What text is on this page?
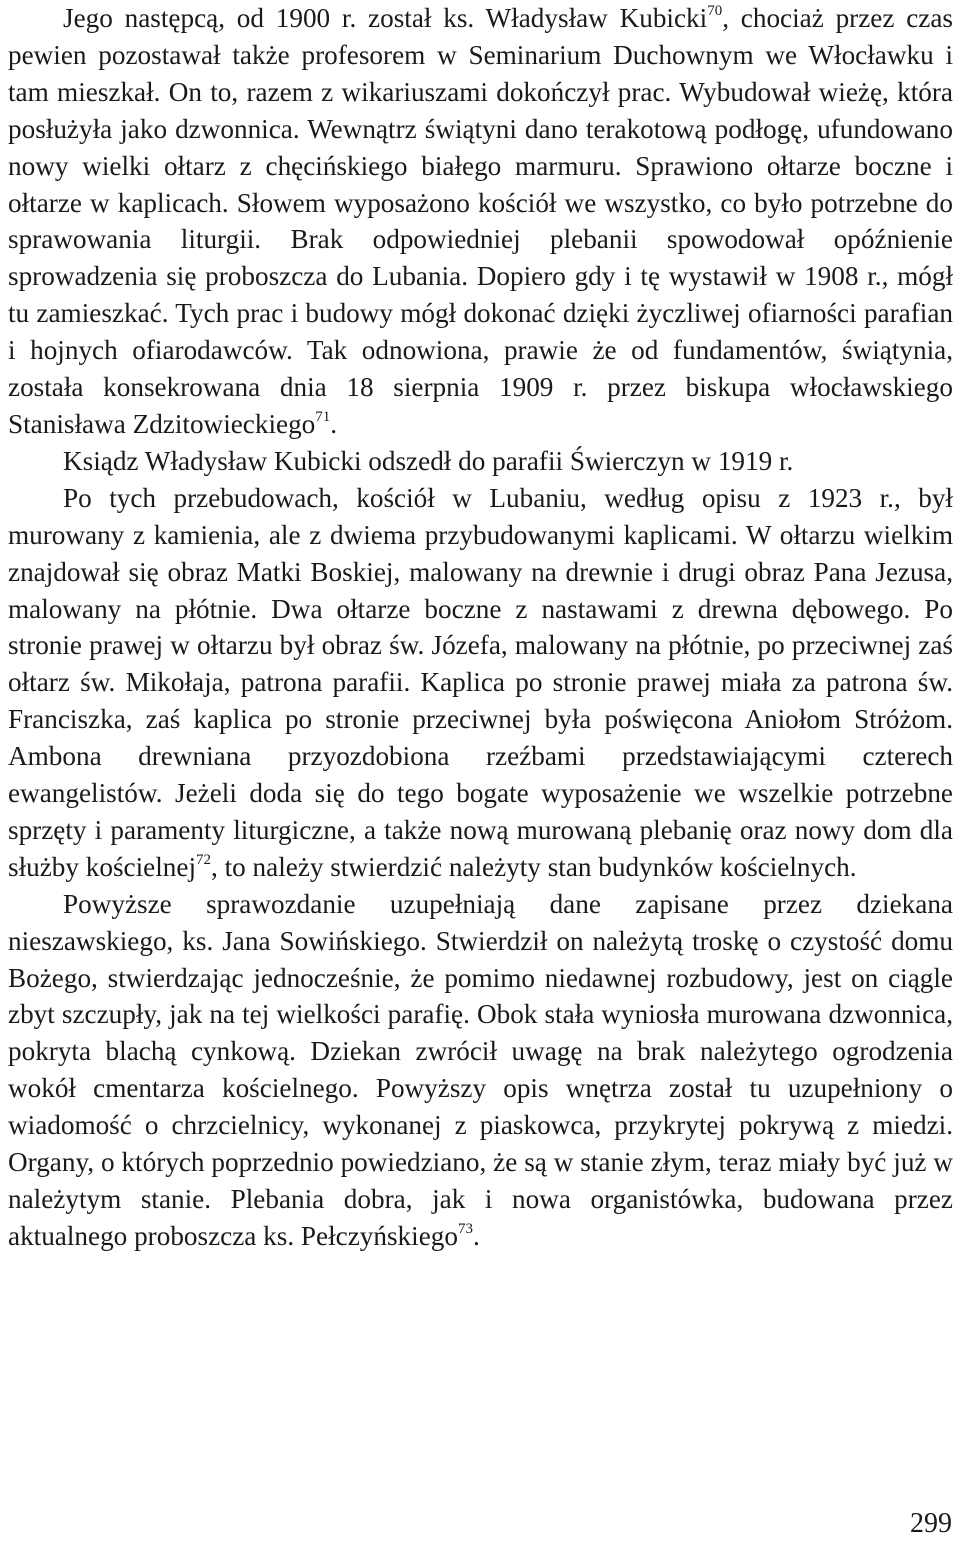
Jego następcą, od 1900 r. został ks. Władysław Kubicki$^{70}$, chociaż przez czas pewien pozostawał także profesorem w Seminarium Duchownym we Włocławku i tam mieszkał. On to, razem z wikariuszami dokończył prac. Wybudował wieżę, która posłużyła jako dzwonnica. Wewnątrz świątyni dano terakotową podłogę, ufundowano nowy wielki ołtarz z chęcińskiego białego marmuru. Sprawiono ołtarze boczne i ołtarze w kaplicach. Słowem wyposażono kościół we wszystko, co było potrzebne do sprawowania liturgii. Brak odpowiedniej plebanii spowodował opóźnienie sprowadzenia się proboszcza do Lubania. Dopiero gdy i tę wystawił w 1908 r., mógł tu zamieszkać. Tych prac i budowy mógł dokonać dzięki życzliwej ofiarności parafian i hojnych ofiarodawców. Tak odnowiona, prawie że od fundamentów, świątynia, została konsekrowana dnia 18 sierpnia 1909 r. przez biskupa włocławskiego Stanisława Zdzitowieckiego$^{71}$.

Ksiądz Władysław Kubicki odszedł do parafii Świerczyn w 1919 r.

Po tych przebudowach, kościół w Lubaniu, według opisu z 1923 r., był murowany z kamienia, ale z dwiema przybudowanymi kaplicami. W ołtarzu wielkim znajdował się obraz Matki Boskiej, malowany na drewnie i drugi obraz Pana Jezusa, malowany na płótnie. Dwa ołtarze boczne z nastawami z drewna dębowego. Po stronie prawej w ołtarzu był obraz św. Józefa, malowany na płótnie, po przeciwnej zaś ołtarz św. Mikołaja, patrona parafii. Kaplica po stronie prawej miała za patrona św. Franciszka, zaś kaplica po stronie przeciwnej była poświęcona Aniołom Stróżom. Ambona drewniana przyozdobiona rzeźbami przedstawiającymi czterech ewangelistów. Jeżeli doda się do tego bogate wyposażenie we wszelkie potrzebne sprzęty i paramenty liturgiczne, a także nową murowaną plebanię oraz nowy dom dla służby kościelnej$^{72}$, to należy stwierdzić należyty stan budynków kościelnych.

Powyższe sprawozdanie uzupełniają dane zapisane przez dziekana nieszawskiego, ks. Jana Sowińskiego. Stwierdził on należytą troskę o czystość domu Bożego, stwierdzając jednocześnie, że pomimo niedawnej rozbudowy, jest on ciągle zbyt szczupły, jak na tej wielkości parafię. Obok stała wyniosła murowana dzwonnica, pokryta blachą cynkową. Dziekan zwrócił uwagę na brak należytego ogrodzenia wokół cmentarza kościelnego. Powyższy opis wnętrza został tu uzupełniony o wiadomość o chrzcielnicy, wykonanej z piaskowca, przykrytej pokrywą z miedzi. Organy, o których poprzednio powiedziano, że są w stanie złym, teraz miały być już w należytym stanie. Plebania dobra, jak i nowa organistówka, budowana przez aktualnego proboszcza ks. Pełczyńskiego$^{73}$.

299
